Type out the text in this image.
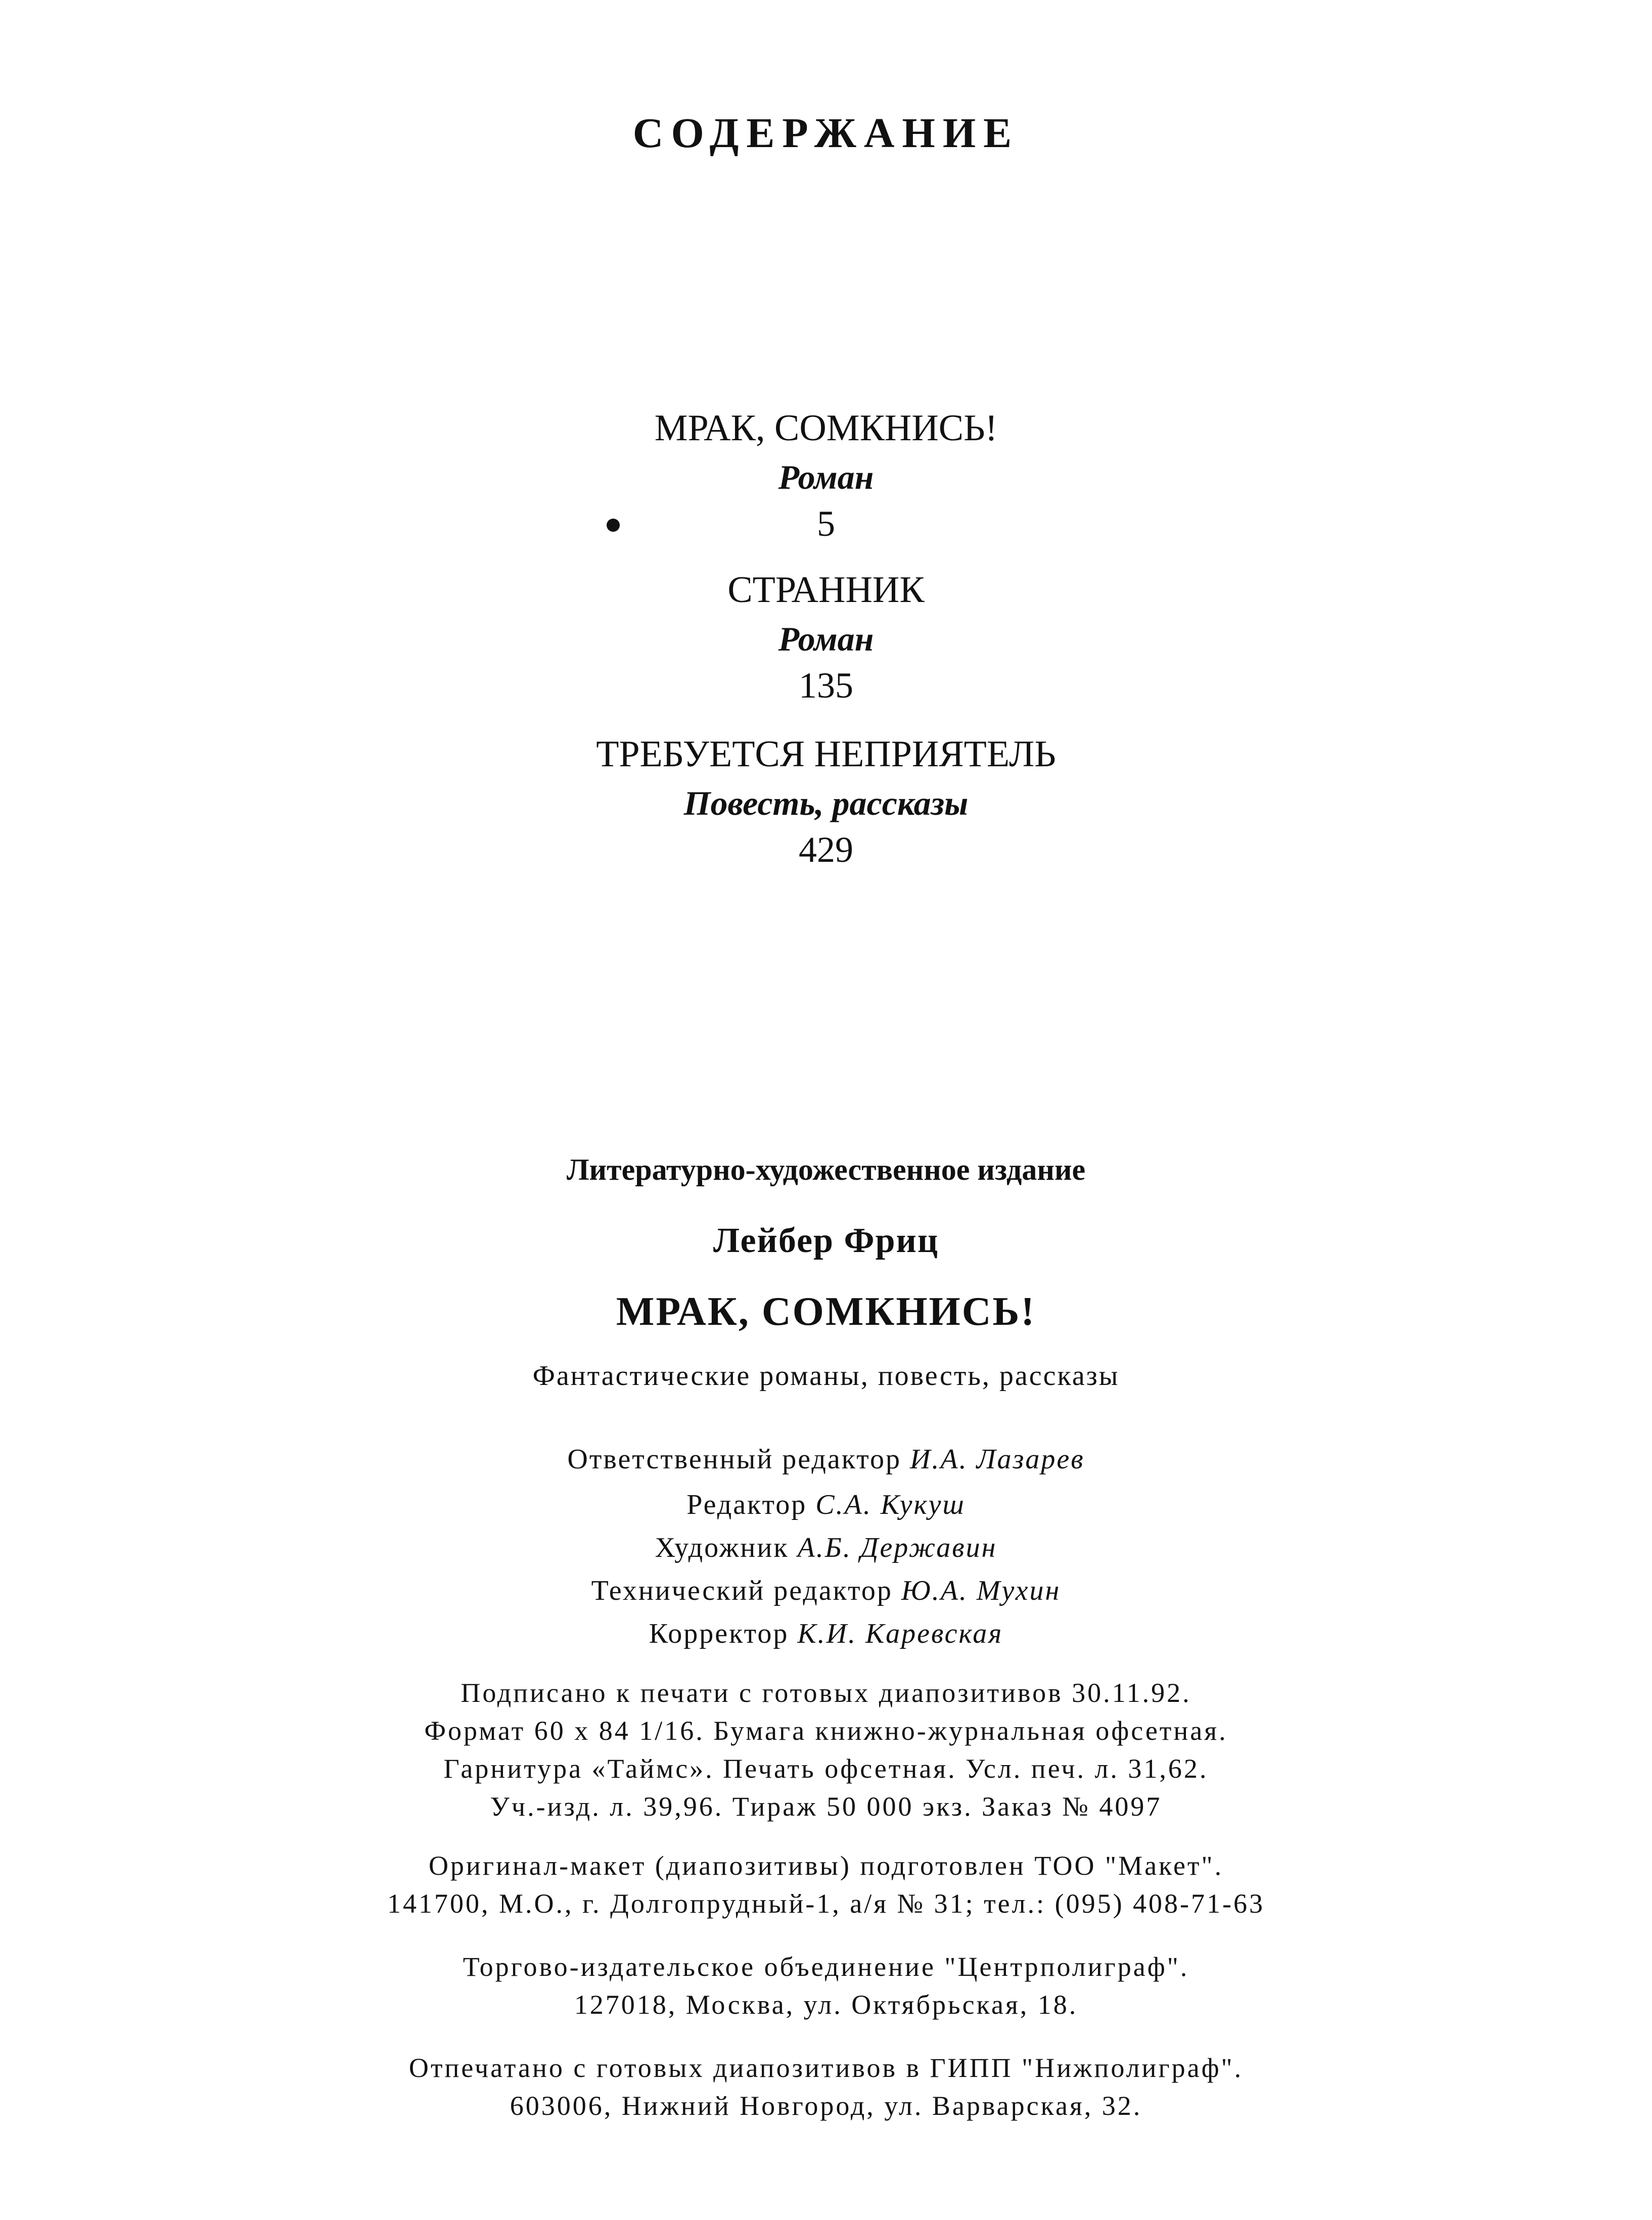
СОДЕРЖАНИЕ
МРАК, СОМКНИСЬ!
Роман
5
СТРАННИК
Роман
135
ТРЕБУЕТСЯ НЕПРИЯТЕЛЬ
Повесть, рассказы
429
Литературно-художественное издание
Лейбер Фриц
МРАК, СОМКНИСЬ!
Фантастические романы, повесть, рассказы
Ответственный редактор И.А. Лазарев
Редактор С.А. Кукуш
Художник А.Б. Державин
Технический редактор Ю.А. Мухин
Корректор К.И. Каревская
Подписано к печати с готовых диапозитивов 30.11.92.
Формат 60 х 84 1/16. Бумага книжно-журнальная офсетная.
Гарнитура «Таймс». Печать офсетная. Усл. печ. л. 31,62.
Уч.-изд. л. 39,96. Тираж 50 000 экз. Заказ № 4097
Оригинал-макет (диапозитивы) подготовлен ТОО "Макет".
141700, М.О., г. Долгопрудный-1, а/я № 31; тел.: (095) 408-71-63
Торгово-издательское объединение "Центрполиграф".
127018, Москва, ул. Октябрьская, 18.
Отпечатано с готовых диапозитивов в ГИПП "Нижполиграф".
603006, Нижний Новгород, ул. Варварская, 32.
